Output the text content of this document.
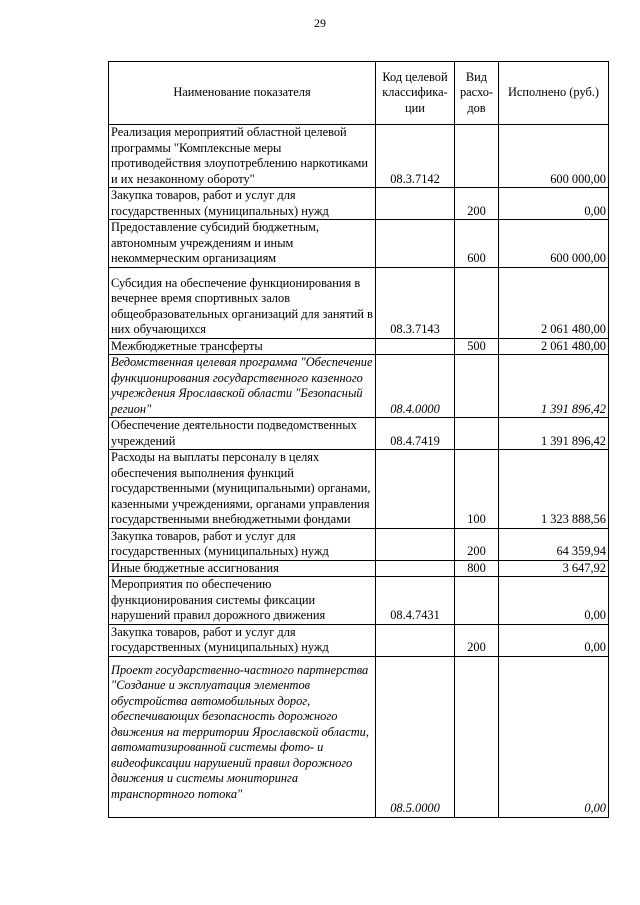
29
Наименование показателя	Код целевой классифика-ции	Вид расхо-дов	Исполнено (руб.)
Реализация мероприятий областной целевой программы "Комплексные меры противодействия злоупотреблению наркотиками и их незаконному обороту"	08.3.7142		600 000,00
Закупка товаров, работ и услуг для государственных (муниципальных) нужд		200	0,00
Предоставление субсидий бюджетным, автономным учреждениям и иным некоммерческим организациям		600	600 000,00
Субсидия на обеспечение функционирования в вечернее время спортивных залов общеобразовательных организаций для занятий в них обучающихся	08.3.7143		2 061 480,00
Межбюджетные трансферты		500	2 061 480,00
Ведомственная целевая программа "Обеспечение функционирования государственного казенного учреждения Ярославской области "Безопасный регион"	08.4.0000		1 391 896,42
Обеспечение деятельности подведомственных учреждений	08.4.7419		1 391 896,42
Расходы на выплаты персоналу в целях обеспечения выполнения функций государственными (муниципальными) органами, казенными учреждениями, органами управления государственными внебюджетными фондами		100	1 323 888,56
Закупка товаров, работ и услуг для государственных (муниципальных) нужд		200	64 359,94
Иные бюджетные ассигнования		800	3 647,92
Мероприятия по обеспечению функционирования системы фиксации нарушений правил дорожного движения	08.4.7431		0,00
Закупка товаров, работ и услуг для государственных (муниципальных) нужд		200	0,00
Проект государственно-частного партнерства "Создание и эксплуатация элементов обустройства автомобильных дорог, обеспечивающих безопасность дорожного движения на территории Ярославской области, автоматизированной системы фото- и видеофиксации нарушений правил дорожного движения и системы мониторинга транспортного потока"	08.5.0000		0,00
